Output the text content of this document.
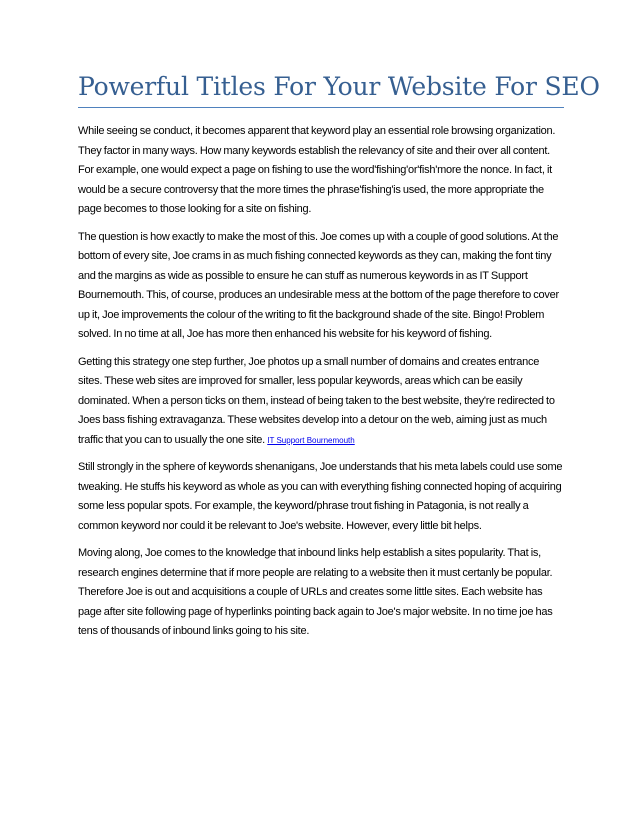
Powerful Titles For Your Website For SEO

While seeing se conduct, it becomes apparent that keyword play an essential role browsing organization. They factor in many ways. How many keywords establish the relevancy of site and their over all content. For example, one would expect a page on fishing to use the word'fishing'or'fish'more the nonce. In fact, it would be a secure controversy that the more times the phrase'fishing'is used, the more appropriate the page becomes to those looking for a site on fishing.

The question is how exactly to make the most of this. Joe comes up with a couple of good solutions. At the bottom of every site, Joe crams in as much fishing connected keywords as they can, making the font tiny and the margins as wide as possible to ensure he can stuff as numerous keywords in as IT Support Bournemouth. This, of course, produces an undesirable mess at the bottom of the page therefore to cover up it, Joe improvements the colour of the writing to fit the background shade of the site. Bingo! Problem solved. In no time at all, Joe has more then enhanced his website for his keyword of fishing.

Getting this strategy one step further, Joe photos up a small number of domains and creates entrance sites. These web sites are improved for smaller, less popular keywords, areas which can be easily dominated. When a person ticks on them, instead of being taken to the best website, they're redirected to Joes bass fishing extravaganza. These websites develop into a detour on the web, aiming just as much traffic that you can to usually the one site. IT Support Bournemouth

Still strongly in the sphere of keywords shenanigans, Joe understands that his meta labels could use some tweaking. He stuffs his keyword as whole as you can with everything fishing connected hoping of acquiring some less popular spots. For example, the keyword/phrase trout fishing in Patagonia, is not really a common keyword nor could it be relevant to Joe's website. However, every little bit helps.

Moving along, Joe comes to the knowledge that inbound links help establish a sites popularity. That is, research engines determine that if more people are relating to a website then it must certanly be popular. Therefore Joe is out and acquisitions a couple of URLs and creates some little sites. Each website has page after site following page of hyperlinks pointing back again to Joe's major website. In no time joe has tens of thousands of inbound links going to his site.
